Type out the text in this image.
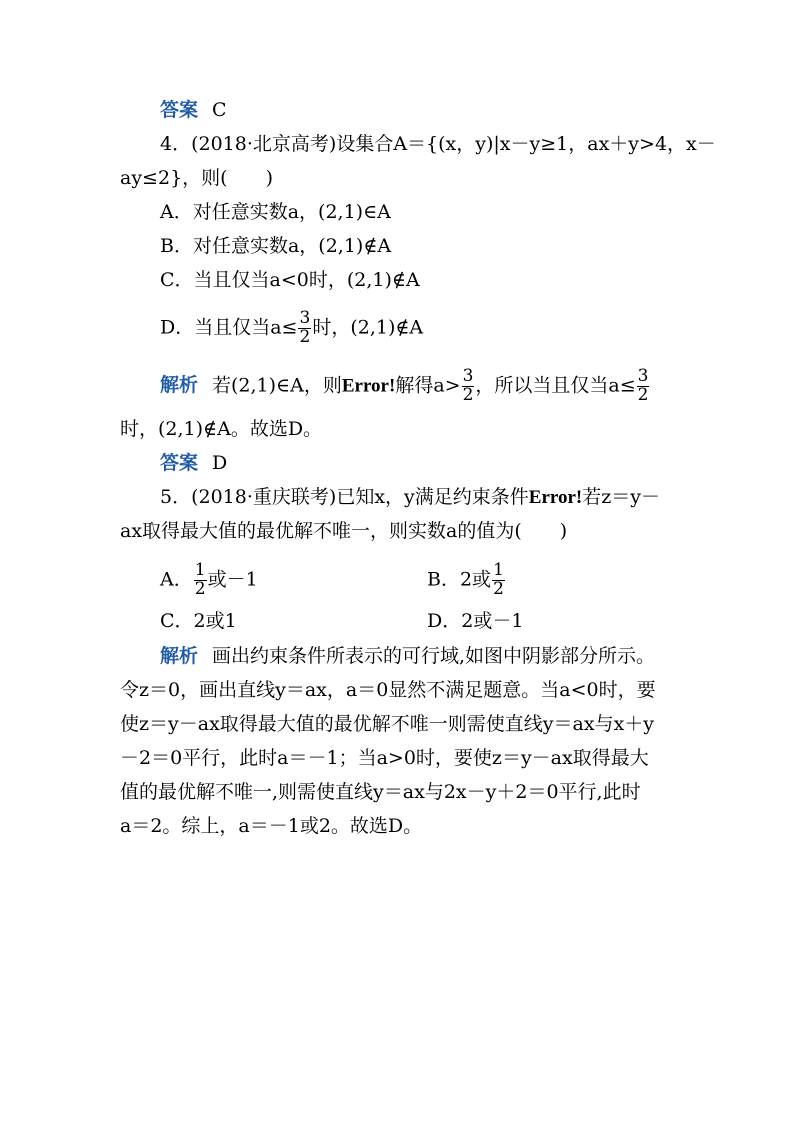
答案 C
4．(2018·北京高考)设集合A＝{(x，y)|x－y≥1，ax＋y>4，x－
ay≤2}，则(　　)
A．对任意实数a，(2,1)∈A
B．对任意实数a，(2,1)∉A
C．当且仅当a<0时，(2,1)∉A
D．当且仅当$a\le \frac{3}{2}$ 时，(2,1)∉A
解析 若(2,1)∈A，则Error!解得$a> \frac{3}{2}$ ，所以当且仅当$a\le \frac{3}{2}$
时，(2,1)∉A。故选D。
答案 D
5．(2018·重庆联考)已知x，y满足约束条件Error!若z＝y－
ax取得最大值的最优解不唯一，则实数a的值为(　　)
A． $\frac{1}{2}$ 或－1	B．2或 $\frac{1}{2}$
C．2或1	D．2或－1
解析 画出约束条件所表示的可行域,如图中阴影部分所示。
令z＝0，画出直线y＝ax，a＝0显然不满足题意。当a<0时，要
使z＝y－ax取得最大值的最优解不唯一则需使直线y＝ax与x＋y
－2＝0平行，此时a＝－1；当a>0时，要使z＝y－ax取得最大
值的最优解不唯一,则需使直线y＝ax与2x－y＋2＝0平行,此时
a＝2。综上，a＝－1或2。故选D。
